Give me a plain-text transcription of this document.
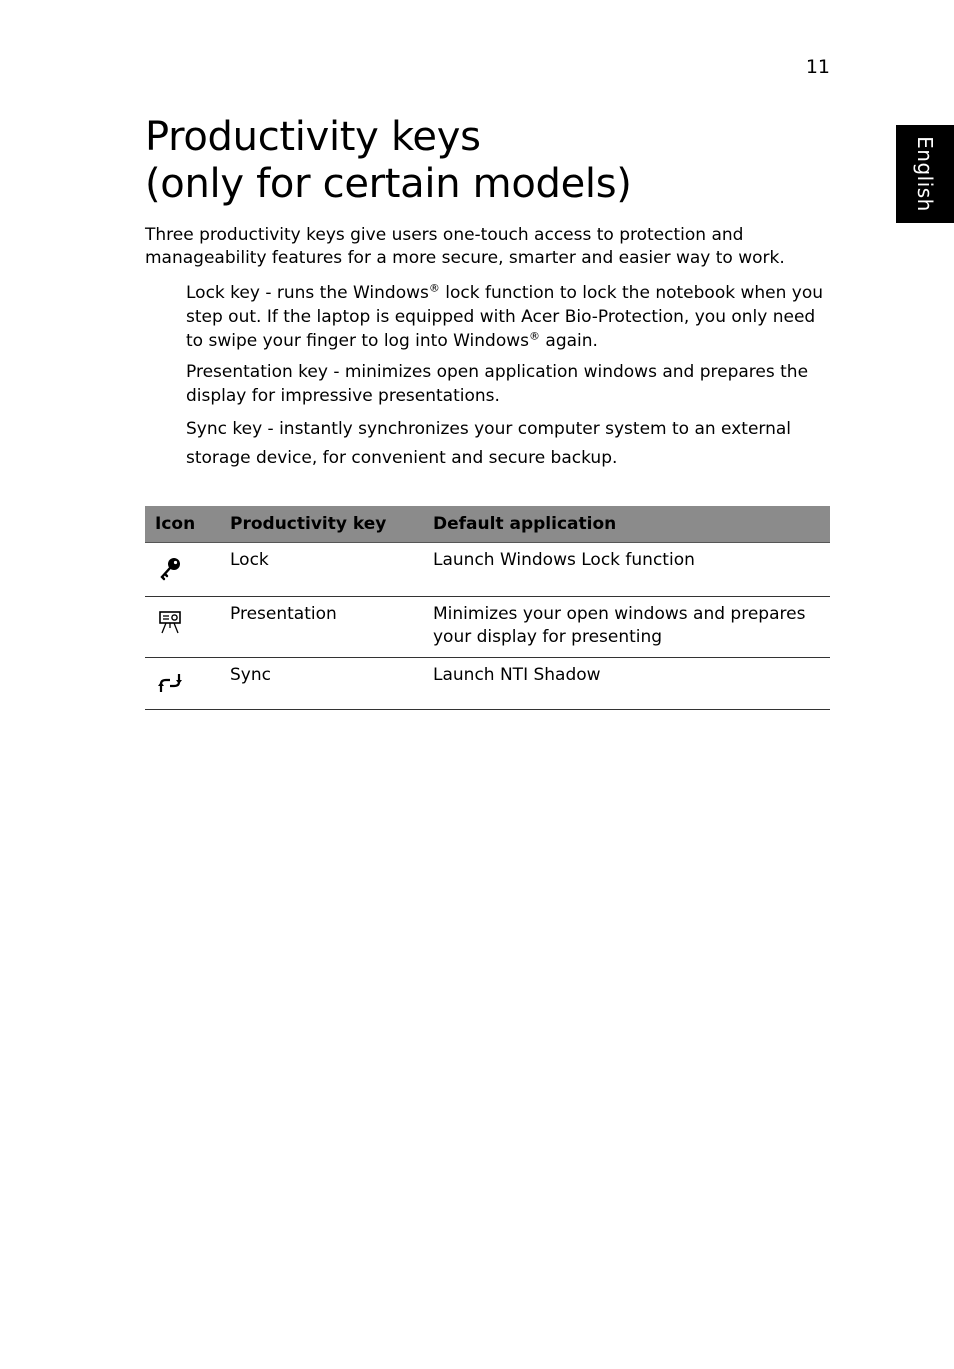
11
English
Productivity keys
(only for certain models)

Three productivity keys give users one-touch access to protection and manageability features for a more secure, smarter and easier way to work.

Lock key - runs the Windows® lock function to lock the notebook when you step out. If the laptop is equipped with Acer Bio-Protection, you only need to swipe your finger to log into Windows® again.
Presentation key - minimizes open application windows and prepares the display for impressive presentations.
Sync key - instantly synchronizes your computer system to an external storage device, for convenient and secure backup.
Icon	Productivity key	Default application

	Lock	Launch Windows Lock function

	Presentation	Minimizes your open windows and prepares your display for presenting

	Sync	Launch NTI Shadow
